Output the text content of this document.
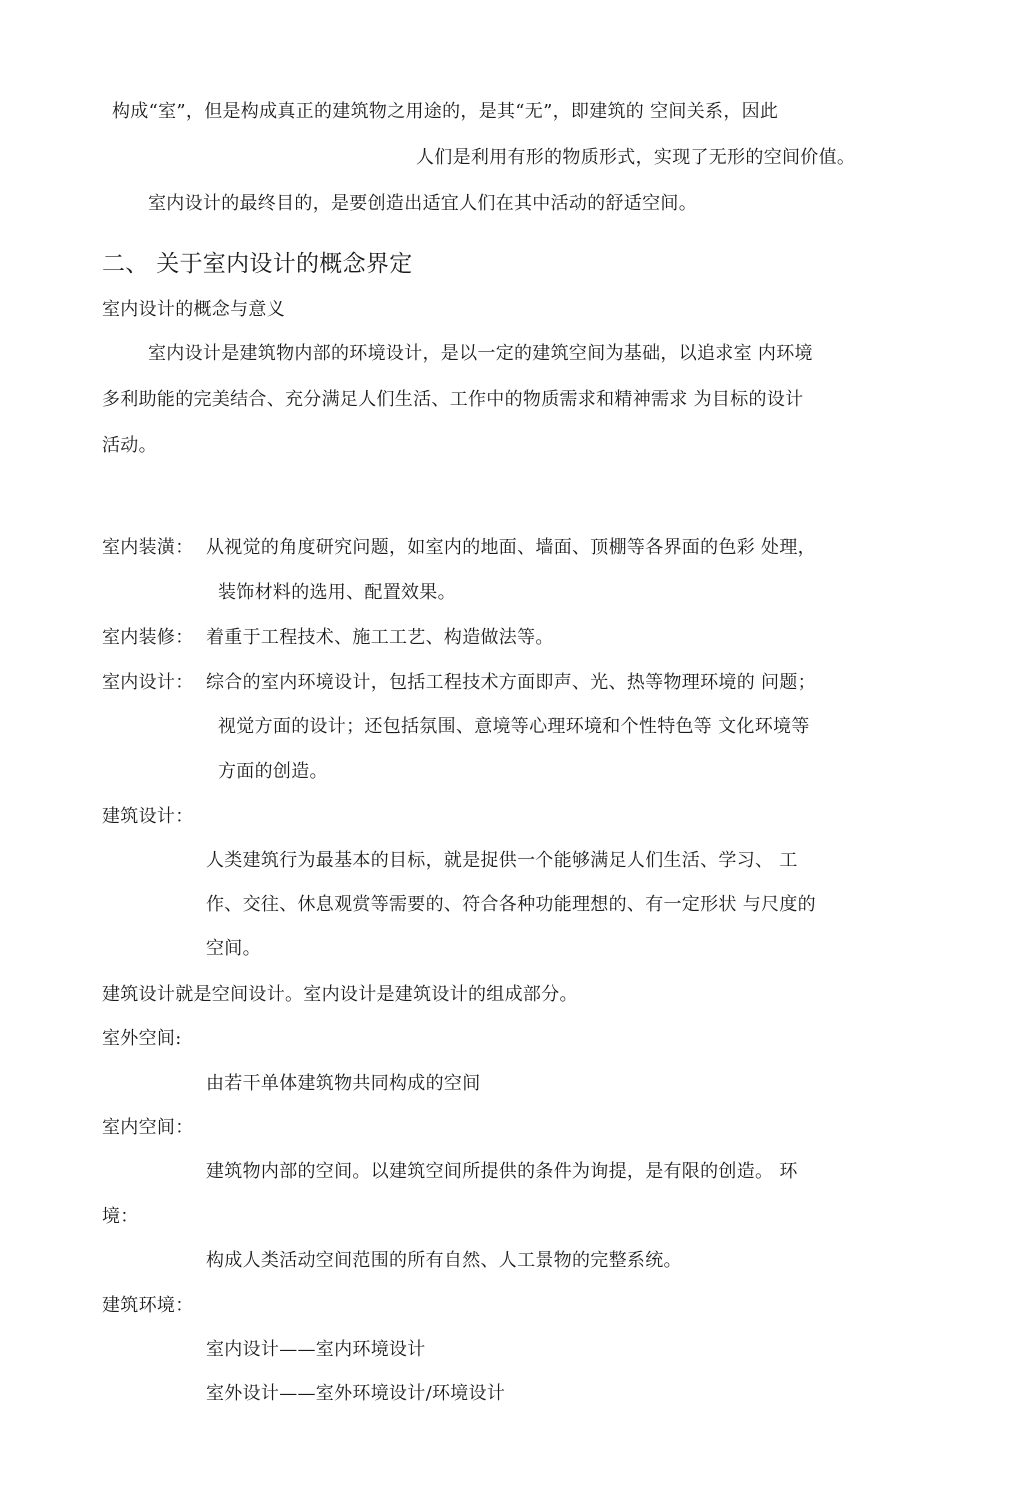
构成“室”，但是构成真正的建筑物之用途的，是其“无”，即建筑的 空间关系，因此
人们是利用有形的物质形式，实现了无形的空间价值。
室内设计的最终目的，是要创造出适宜人们在其中活动的舒适空间。
二、 关于室内设计的概念界定
室内设计的概念与意义
室内设计是建筑物内部的环境设计，是以一定的建筑空间为基础，以追求室 内环境
多利助能的完美结合、充分满足人们生活、工作中的物质需求和精神需求 为目标的设计
活动。
室内装潢： 从视觉的角度研究问题，如室内的地面、墙面、顶棚等各界面的色彩 处理，
装饰材料的选用、配置效果。
室内装修： 着重于工程技术、施工工艺、构造做法等。
室内设计： 综合的室内环境设计，包括工程技术方面即声、光、热等物理环境的 问题；
视觉方面的设计；还包括氛围、意境等心理环境和个性特色等 文化环境等
方面的创造。
建筑设计：
人类建筑行为最基本的目标，就是捉供一个能够满足人们生活、学习、 工
作、交往、休息观赏等需要的、符合各种功能理想的、有一定形状 与尺度的
空间。
建筑设计就是空间设计。室内设计是建筑设计的组成部分。
室外空间:
由若干单体建筑物共同构成的空间
室内空间：
建筑物内部的空间。以建筑空间所提供的条件为询提，是有限的创造。 环
境：
构成人类活动空间范围的所有自然、人工景物的完整系统。
建筑环境：
室内设计——室内环境设计
室外设计——室外环境设计/环境设计
